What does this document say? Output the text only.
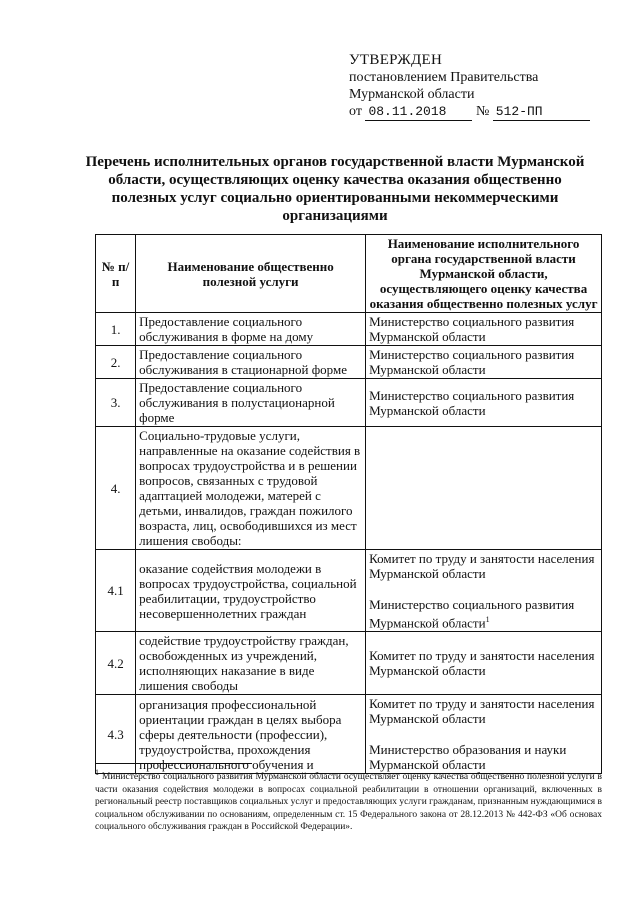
УТВЕРЖДЕН
постановлением Правительства
Мурманской области
от 08.11.2018 № 512-ПП
Перечень исполнительных органов государственной власти Мурманской области, осуществляющих оценку качества оказания общественно полезных услуг социально ориентированными некоммерческими организациями
№ п/п	Наименование общественно полезной услуги	Наименование исполнительного органа государственной власти Мурманской области, осуществляющего оценку качества оказания общественно полезных услуг
1.	Предоставление социального обслуживания в форме на дому	Министерство социального развития Мурманской области
2.	Предоставление социального обслуживания в стационарной форме	Министерство социального развития Мурманской области
3.	Предоставление социального обслуживания в полустационарной форме	Министерство социального развития Мурманской области
4.	Социально-трудовые услуги, направленные на оказание содействия в вопросах трудоустройства и в решении вопросов, связанных с трудовой адаптацией молодежи, матерей с детьми, инвалидов, граждан пожилого возраста, лиц, освободившихся из мест лишения свободы:	
4.1	оказание содействия молодежи в вопросах трудоустройства, социальной реабилитации, трудоустройство несовершеннолетних граждан	Комитет по труду и занятости населения Мурманской области
Министерство социального развития Мурманской области$^1$

4.2	содействие трудоустройству граждан, освобожденных из учреждений, исполняющих наказание в виде лишения свободы	Комитет по труду и занятости населения Мурманской области
4.3	организация профессиональной ориентации граждан в целях выбора сферы деятельности (профессии), трудоустройства, прохождения профессионального обучения и	Комитет по труду и занятости населения Мурманской области
Министерство образования и науки Мурманской области
$^1$ Министерство социального развития Мурманской области осуществляет оценку качества общественно полезной услуги в части оказания содействия молодежи в вопросах социальной реабилитации в отношении организаций, включенных в региональный реестр поставщиков социальных услуг и предоставляющих услуги гражданам, признанным нуждающимися в социальном обслуживании по основаниям, определенным ст. 15 Федерального закона от 28.12.2013 № 442-ФЗ «Об основах социального обслуживания граждан в Российской Федерации».
